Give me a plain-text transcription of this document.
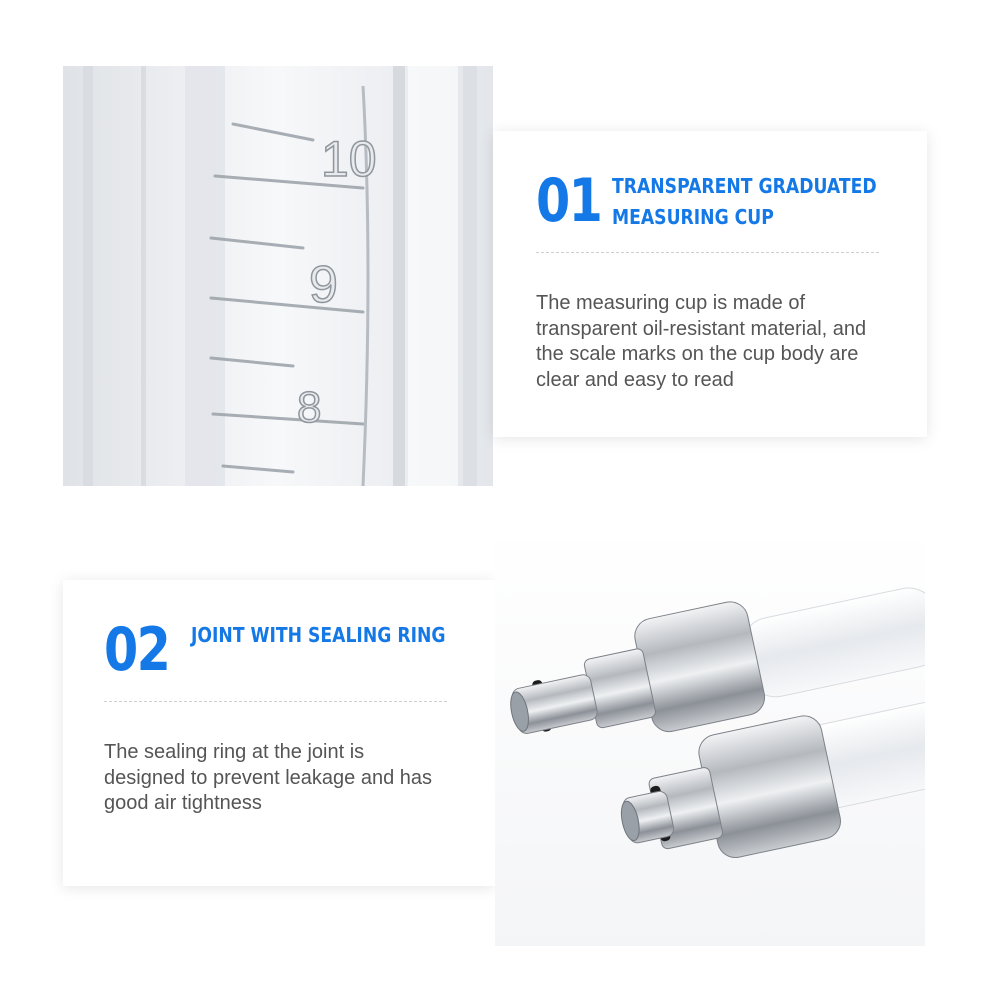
10
9
8
01 TRANSPARENT GRADUATED MEASURING CUP
The measuring cup is made of transparent oil-resistant material, and the scale marks on the cup body are clear and easy to read
02 JOINT WITH SEALING RING
The sealing ring at the joint is designed to prevent leakage and has good air tightness
